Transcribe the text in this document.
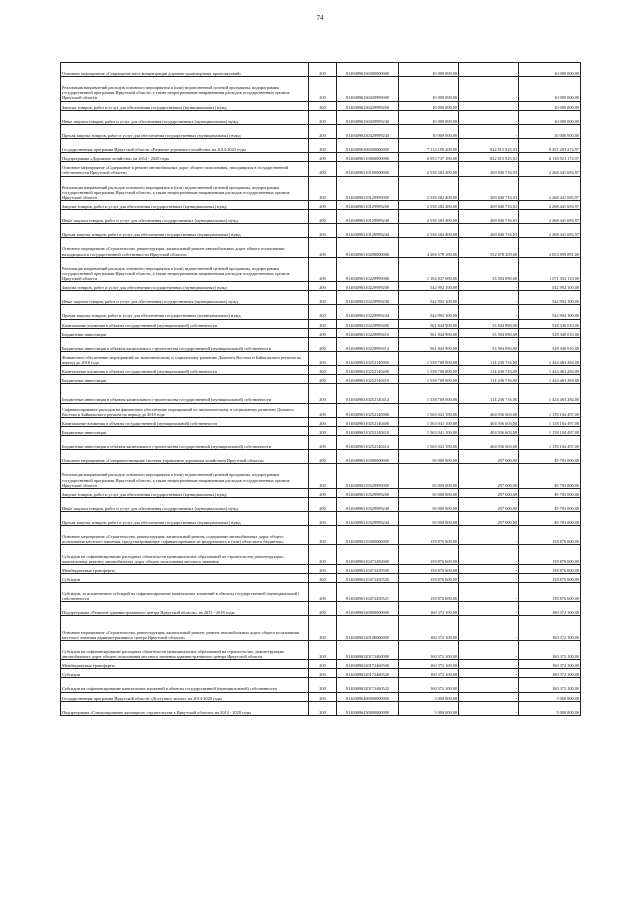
74
Основное мероприятие «Сокращение мест концентрации дорожно-транспортных происшествий»	200	81404096230400000000	10 000 000,00	-	10 000 000,00
Реализация направлений расходов основного мероприятия и (или) ведомственной целевой программы, подпрограммы государственной программы Иркутской области, а также непрограммным направлениям расходов государственных органов Иркутской области	200	81404096230429999000	10 000 000,00	-	10 000 000,00
Закупка товаров, работ и услуг для обеспечения государственных (муниципальных) нужд	200	81404096230429999200	10 000 000,00	-	10 000 000,00
Иные закупки товаров, работ и услуг для обеспечения государственных (муниципальных) нужд	200	81404096230429999240	10 000 000,00	-	10 000 000,00
Прочая закупка товаров, работ и услуг для обеспечения государственных (муниципальных) нужд	200	81404096230429999244	10 000 000,00	-	10 000 000,00
Государственная программа Иркутской области «Развитие дорожного хозяйства» на 2014-2020 годы	200	81404096300000000000	7 114 109 200,00	822 815 925,03	6 291 293 274,97
Подпрограмма «Дорожное хозяйство» на 2014 - 2020 годы	200	81404096310000000000	6 953 737 100,00	822 815 925,03	6 130 921 174,97
Основное мероприятие «Содержание и ремонт автомобильных дорог общего пользования, находящихся в государственной собственности Иркутской области»	200	81404096310100000000	2 538 282 400,00	269 840 716,03	2 268 441 683,97
Реализация направлений расходов основного мероприятия и (или) ведомственной целевой программы, подпрограммы государственной программы Иркутской области, а также непрограммным направлениям расходов государственных органов Иркутской области	200	81404096310129999000	2 538 282 400,00	269 840 716,03	2 268 441 683,97
Закупка товаров, работ и услуг для обеспечения государственных (муниципальных) нужд	200	81404096310129999200	2 538 282 400,00	269 840 716,03	2 268 441 683,97
Иные закупки товаров, работ и услуг для обеспечения государственных (муниципальных) нужд	200	81404096310129999240	2 538 282 400,00	269 840 716,03	2 268 441 683,97
Прочая закупка товаров, работ и услуг для обеспечения государственных (муниципальных) нужд	200	81404096310129999244	2 538 282 400,00	269 840 716,03	2 268 441 683,97
Основное мероприятие «Строительство, реконструкция, капитальный ремонт автомобильных дорог общего пользования, находящихся в государственной собственности Иркутской области»	200	81404096310200000000	4 206 578 100,00	552 678 209,00	3 653 899 891,00
Реализация направлений расходов основного мероприятия и (или) ведомственной целевой программы, подпрограммы государственной программы Иркутской области, а также непрограммным направлениям расходов государственных органов Иркутской области	200	81404096310229999000	1 104 837 000,00	33 504 890,00	1 071 332 110,00
Закупка товаров, работ и услуг для обеспечения государственных (муниципальных) нужд	200	81404096310229999200	542 992 100,00	-	542 992 100,00
Иные закупки товаров, работ и услуг для обеспечения государственных (муниципальных) нужд	200	81404096310229999240	542 992 100,00	-	542 992 100,00
Прочая закупка товаров, работ и услуг для обеспечения государственных (муниципальных) нужд	200	81404096310229999244	542 992 100,00	-	542 992 100,00
Капитальные вложения в объекты государственной (муниципальной) собственности	200	81404096310229999400	561 844 900,00	33 504 890,00	528 340 010,00
Бюджетные инвестиции	200	81404096310229999410	561 844 900,00	33 504 890,00	528 340 010,00
Бюджетные инвестиции в объекты капитального строительства государственной (муниципальной) собственности	200	81404096310229999414	561 844 900,00	33 504 890,00	528 340 010,00
Финансовое обеспечение мероприятий по экономическому и социальному развитию Дальнего Востока и Байкальского региона на период до 2018 года	200	81404096310252140000	1 538 700 000,00	114 236 716,00	1 424 463 284,00
Капитальные вложения в объекты государственной (муниципальной) собственности	200	81404096310252140400	1 538 700 000,00	114 236 716,00	1 424 463 284,00
Бюджетные инвестиции	200	81404096310252140410	1 538 700 000,00	114 236 716,00	1 424 463 284,00
Бюджетные инвестиции в объекты капитального строительства государственной (муниципальной) собственности	200	81404096310252140414	1 538 700 000,00	114 236 716,00	1 424 463 284,00
Софинансирование расходов на финансовое обеспечение мероприятий по экономическому и социальному развитию Дальнего Востока и Байкальского региона на период до 2018 года	200	81404096310252140000	1 563 041 100,00	404 936 603,00	1 158 104 497,00
Капитальные вложения в объекты государственной (муниципальной) собственности	200	81404096310252140400	1 563 041 100,00	404 936 603,00	1 158 104 497,00
Бюджетные инвестиции	200	81404096310252140410	1 563 041 100,00	404 936 603,00	1 158 104 497,00
Бюджетные инвестиции в объекты капитального строительства государственной (муниципальной) собственности	200	81404096310252140414	1 563 041 100,00	404 936 603,00	1 158 104 497,00
Основное мероприятие «Совершенствование системы управления дорожным хозяйством Иркутской области»	200	81404096310300000000	50 000 000,00	297 000,00	49 703 000,00
Реализация направлений расходов основного мероприятия и (или) ведомственной целевой программы, подпрограммы государственной программы Иркутской области, а также непрограммным направлениям расходов государственных органов Иркутской области	200	81404096310329999000	50 000 000,00	297 000,00	49 703 000,00
Закупка товаров, работ и услуг для обеспечения государственных (муниципальных) нужд	200	81404096310329999200	50 000 000,00	297 000,00	49 703 000,00
Иные закупки товаров, работ и услуг для обеспечения государственных (муниципальных) нужд	200	81404096310329999240	50 000 000,00	297 000,00	49 703 000,00
Прочая закупка товаров, работ и услуг для обеспечения государственных (муниципальных) нужд	200	81404096310329999244	50 000 000,00	297 000,00	49 703 000,00
Основное мероприятие «Строительство, реконструкция, капитальный ремонт, содержание автомобильных дорог общего пользования местного значения, предусматривающее софинансирование из федерального и (или) областного бюджетов»	200	81404096310400000000	158 876 600,00	-	158 876 600,00
Субсидии на софинансирование расходных обязательств муниципальных образований по строительству, реконструкции, капитальному ремонту автомобильных дорог общего пользования местного значения	200	81404096310472450000	158 876 600,00	-	158 876 600,00
Межбюджетные трансферты	200	81404096310472450500	158 876 600,00	-	158 876 600,00
Субсидии	200	81404096310472450520	158 876 600,00	-	158 876 600,00
Субсидии, за исключением субсидий на софинансирование капитальных вложений в объекты государственной (муниципальной) собственности	200	81404096310472450521	158 876 600,00	-	158 876 600,00
Подпрограмма «Развитие административного центра Иркутской области» на 2015 - 2018 годы	200	81404096320000000000	160 372 100,00	-	160 372 100,00
Основное мероприятие «Строительство, реконструкция, капитальный ремонт, ремонт автомобильных дорог общего пользования местного значения административного центра Иркутской области»	200	81404096320100000000	160 372 100,00	-	160 372 100,00
Субсидии на софинансирование расходных обязательств муниципальных образований на строительство, реконструкцию автомобильных дорог общего пользования местного значения административного центра Иркутской области	200	81404096320172460000	160 372 100,00	-	160 372 100,00
Межбюджетные трансферты	200	81404096320172460500	160 372 100,00	-	160 372 100,00
Субсидии	200	81404096320172460520	160 372 100,00	-	160 372 100,00
Субсидии на софинансирование капитальных вложений в объекты государственной (муниципальной) собственности	200	81404096320172460522	160 372 100,00	-	160 372 100,00
Государственная программа Иркутской области «Доступное жилье» на 2014-2020 годы	200	81404096400000000000	5 000 000,00	-	5 000 000,00
Подпрограмма «Стимулирование жилищного строительства в Иркутской области» на 2014 - 2020 годы	200	81404096430000000000	5 000 000,00	-	5 000 000,00
